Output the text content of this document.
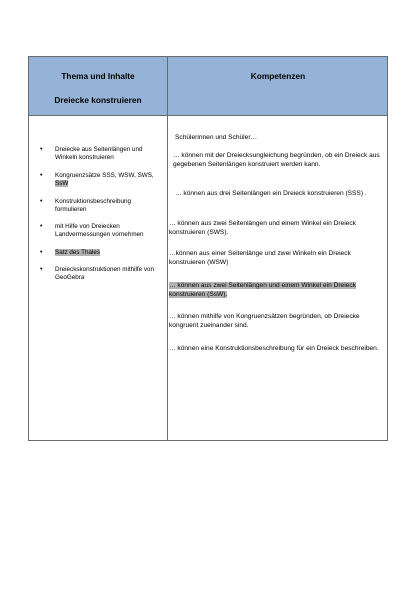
Thema und Inhalte
Dreiecke konstruieren
Kompetenzen
• Dreiecke aus Seitenlängen und Winkeln konstruieren
• Kongruenzsätze SSS, WSW, SWS,
SsW
• Konstruktionsbeschreibung formulieren
• mit Hilfe von Dreiecken Landvermessungen vornehmen
• Satz des Thales
• Dreieckskonstruktionen mithilfe von GeoGebra
Schülerinnen und Schüler…
… können mit der Dreiecksungleichung begründen, ob ein Dreieck aus gegebenen Seitenlängen konstruiert werden kann.
… können aus drei Seitenlängen ein Dreieck konstruieren (SSS) .
… können aus zwei Seitenlängen und einem Winkel ein Dreieck konstruieren (SWS).
…können aus einer Seitenlänge und zwei Winkeln ein Dreieck konstruieren (WSW)
… können aus zwei Seitenlängen und einem Winkel ein Dreieck konstruieren (SsW).
… können mithilfe von Kongruenzsätzen begründen, ob Dreiecke kongruent zueinander sind.
… können eine Konstruktionsbeschreibung für ein Dreieck beschreiben.
